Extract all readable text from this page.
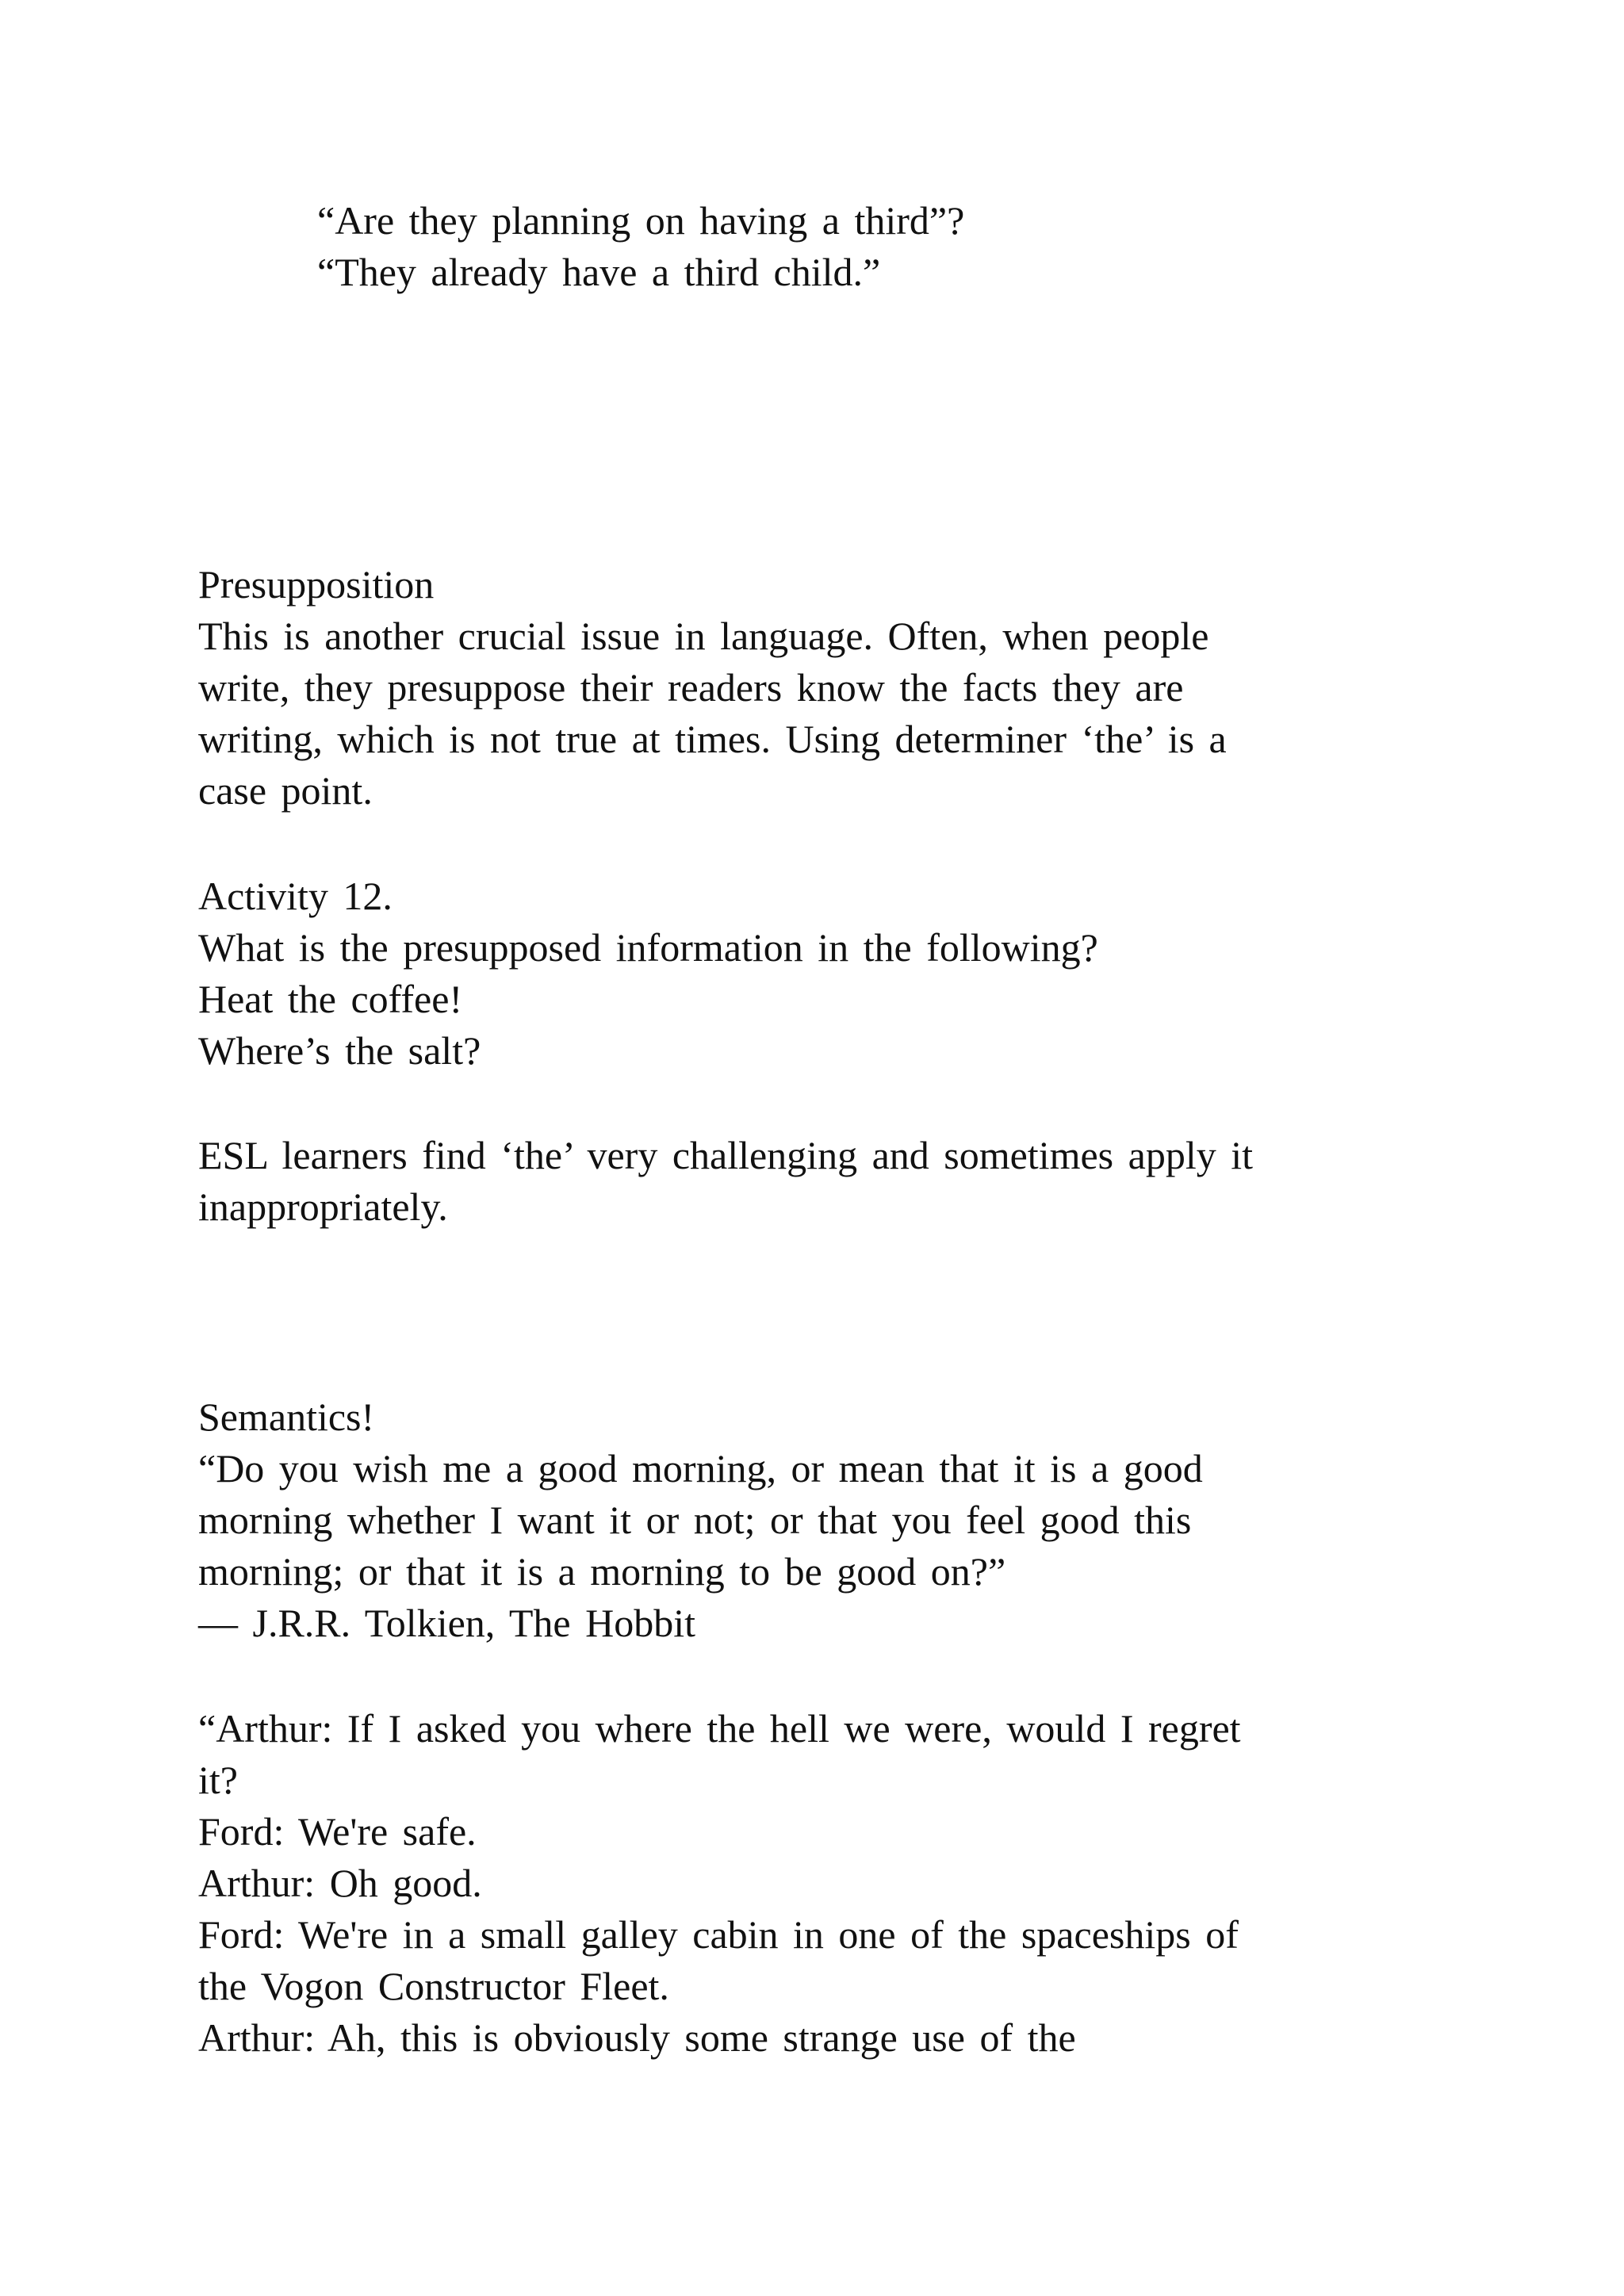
“Are they planning on having a third”?
“They already have a third child.”
Presupposition
This is another crucial issue in language. Often, when people
write, they presuppose their readers know the facts they are
writing, which is not true at times. Using determiner ‘the’ is a
case point.
Activity 12.
What is the presupposed information in the following?
Heat the coffee!
Where’s the salt?
ESL learners find ‘the’ very challenging and sometimes apply it
inappropriately.
Semantics!
“Do you wish me a good morning, or mean that it is a good
morning whether I want it or not; or that you feel good this
morning; or that it is a morning to be good on?”
― J.R.R. Tolkien, The Hobbit
“Arthur: If I asked you where the hell we were, would I regret
it?
Ford: We're safe.
Arthur: Oh good.
Ford: We're in a small galley cabin in one of the spaceships of
the Vogon Constructor Fleet.
Arthur: Ah, this is obviously some strange use of the
